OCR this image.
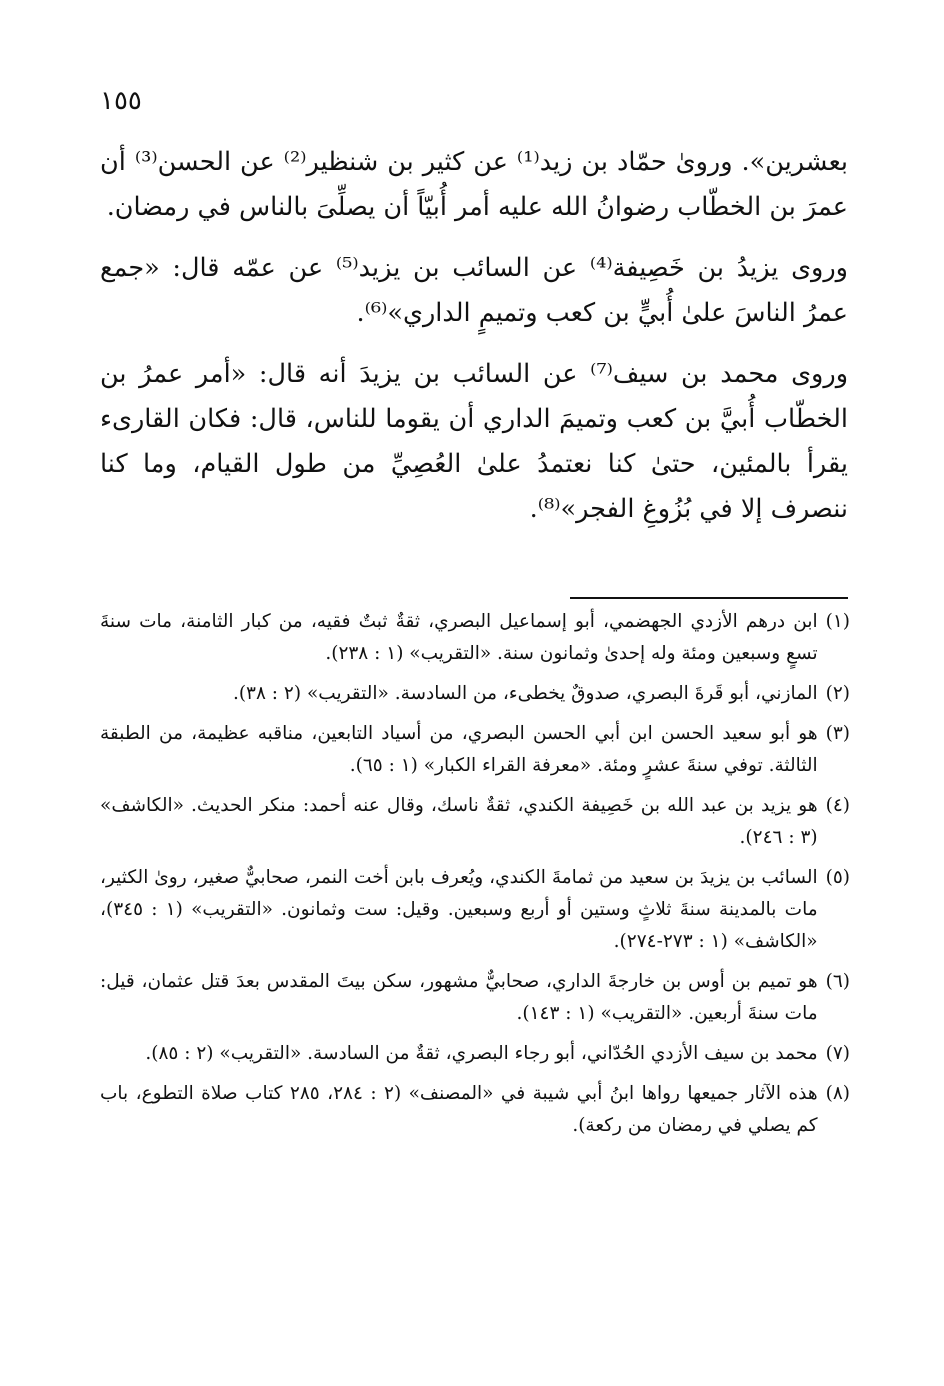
١٥٥

بعشرين». ورویٰ حمّاد بن زید⁽¹⁾ عن کثیر بن شنظیر⁽²⁾ عن الحسن⁽³⁾ أن عمرَ بن الخطّاب رضوانُ الله علیه أمر أُبیّاً أن یصلِّیَ بالناس في رمضان.

وروی یزیدُ بن خَصِیفة⁽⁴⁾ عن السائب بن یزید⁽⁵⁾ عن عمّه قال: «جمع عمرُ الناسَ علیٰ أُبيٍّ بن کعب وتمیمٍ الداري»⁽⁶⁾.

وروی محمد بن سیف⁽⁷⁾ عن السائب بن یزیدَ أنه قال: «أمر عمرُ بن الخطّاب أُبيَّ بن کعب وتمیمَ الداري أن یقوما للناس، قال: فکان القاریء یقرأ بالمئین، حتیٰ کنا نعتمدُ علیٰ العُصِيِّ من طول القیام، وما کنا ننصرف إلا في بُزُوغِ الفجر»⁽⁸⁾.

(١)
ابن درهم الأزدي الجهضمي، أبو إسماعیل البصري، ثقةٌ ثبتٌ فقیه، من کبار الثامنة، مات سنةَ تسعٍ وسبعین ومئة وله إحدیٰ وثمانون سنة. «التقریب» (١ : ٢٣٨).
(٢)
المازني، أبو قَرةَ البصري، صدوقٌ یخطیء، من السادسة. «التقریب» (٢ : ٣٨).
(٣)
هو أبو سعید الحسن ابن أبي الحسن البصري، من أسیاد التابعین، مناقبه عظیمة، من الطبقة الثالثة. توفي سنةَ عشرٍ ومئة. «معرفة القراء الکبار» (١ : ٦٥).
(٤)
هو یزید بن عبد الله بن خَصِیفة الکندي، ثقةٌ ناسك، وقال عنه أحمد: منکر الحدیث. «الکاشف» (٣ : ٢٤٦).
(٥)
السائب بن یزیدَ بن سعید من ثمامةَ الکندي، ویُعرف بابن أخت النمر، صحابيٌّ صغیر، رویٰ الکثیر، مات بالمدینة سنةَ ثلاثٍ وستین أو أربع وسبعین. وقیل: ست وثمانون. «التقریب» (١ : ٣٤٥)، «الکاشف» (١ : ٢٧٣-٢٧٤).
(٦)
هو تمیم بن أوس بن خارجةَ الداري، صحابيٌّ مشهور، سکن بیتَ المقدس بعدَ قتل عثمان، قیل: مات سنةَ أربعین. «التقریب» (١ : ١٤٣).
(٧)
محمد بن سیف الأزدي الحُدّاني، أبو رجاء البصري، ثقةٌ من السادسة. «التقریب» (٢ : ٨٥).
(٨)
هذه الآثار جمیعها رواها ابنُ أبي شیبة في «المصنف» (٢ : ٢٨٤، ٢٨٥ کتاب صلاة التطوع، باب کم یصلي في رمضان من رکعة).
